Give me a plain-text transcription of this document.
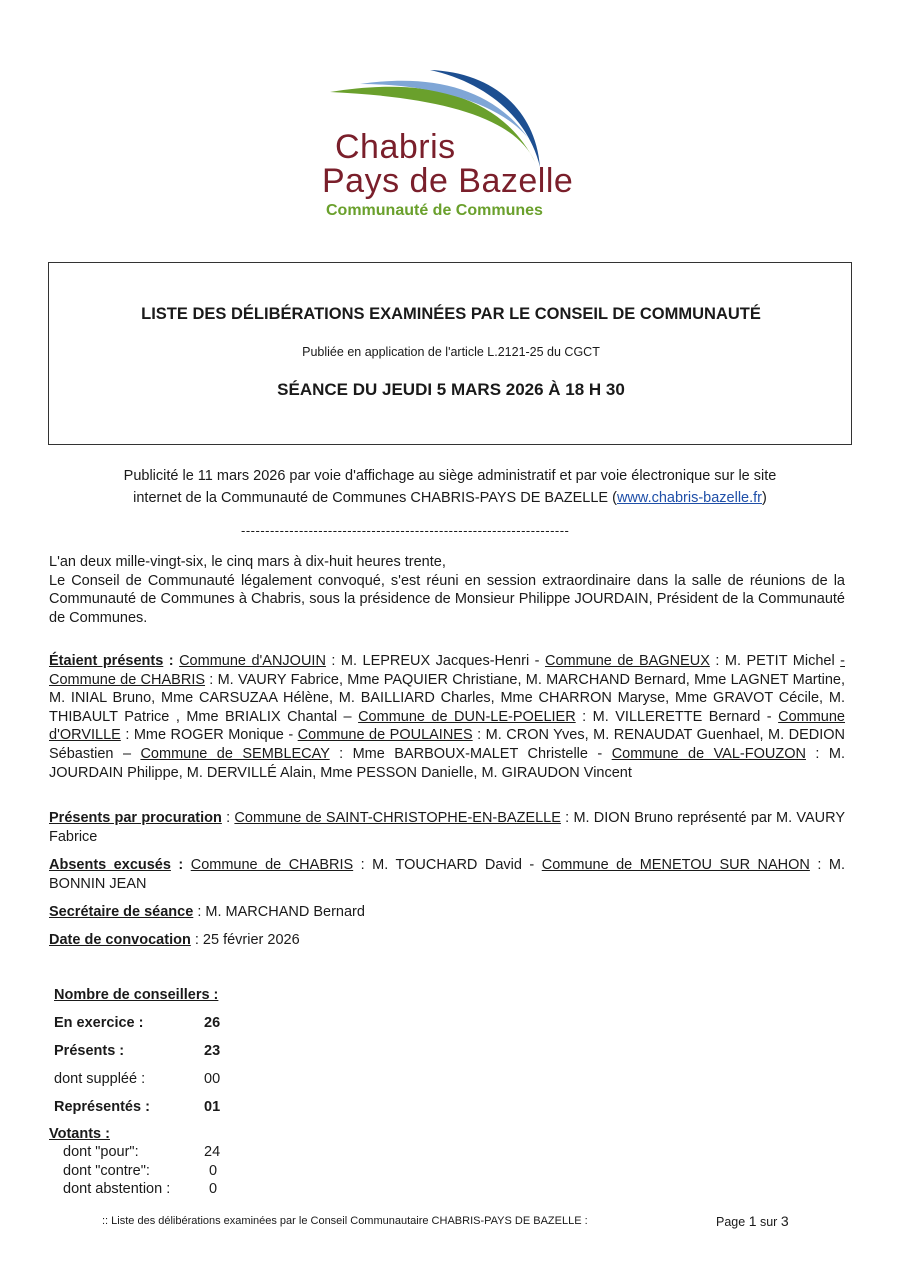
Chabris
Pays de Bazelle
Communauté de Communes
LISTE DES DÉLIBÉRATIONS EXAMINÉES PAR LE CONSEIL DE COMMUNAUTÉ
Publiée en application de l'article L.2121-25 du CGCT
SÉANCE DU JEUDI 5 MARS 2026 À 18 H 30
Publicité le 11 mars 2026 par voie d'affichage au siège administratif et par voie électronique sur le site
internet de la Communauté de Communes CHABRIS-PAYS DE BAZELLE (www.chabris-bazelle.fr)
--------------------------------------------------------------------
L'an deux mille-vingt-six, le cinq mars à dix-huit heures trente,
Le Conseil de Communauté légalement convoqué, s'est réuni en session extraordinaire dans la salle de réunions de la Communauté de Communes à Chabris, sous la présidence de Monsieur Philippe JOURDAIN, Président de la Communauté de Communes.
Étaient présents : Commune d'ANJOUIN : M. LEPREUX Jacques-Henri - Commune de BAGNEUX : M. PETIT Michel - Commune de CHABRIS : M. VAURY Fabrice, Mme PAQUIER Christiane, M. MARCHAND Bernard, Mme LAGNET Martine, M. INIAL Bruno, Mme CARSUZAA Hélène, M. BAILLIARD Charles, Mme CHARRON Maryse, Mme GRAVOT Cécile, M. THIBAULT Patrice , Mme BRIALIX Chantal – Commune de DUN-LE-POELIER : M. VILLERETTE Bernard - Commune d'ORVILLE : Mme ROGER Monique - Commune de POULAINES : M. CRON Yves, M. RENAUDAT Guenhael, M. DEDION Sébastien – Commune de SEMBLECAY : Mme BARBOUX-MALET Christelle - Commune de VAL-FOUZON : M. JOURDAIN Philippe, M. DERVILLÉ Alain, Mme PESSON Danielle, M. GIRAUDON Vincent
Présents par procuration : Commune de SAINT-CHRISTOPHE-EN-BAZELLE : M. DION Bruno représenté par M. VAURY Fabrice
Absents excusés : Commune de CHABRIS : M. TOUCHARD David - Commune de MENETOU SUR NAHON : M. BONNIN JEAN
Secrétaire de séance : M. MARCHAND Bernard
Date de convocation : 25 février 2026
Nombre de conseillers :
En exercice :	26
Présents :	23
dont suppléé :	00
Représentés :	01
Votants :
dont "pour":	24
dont "contre":	0
dont abstention :	0
:: Liste des délibérations examinées par le Conseil Communautaire CHABRIS-PAYS DE BAZELLE :	Page 1 sur 3
